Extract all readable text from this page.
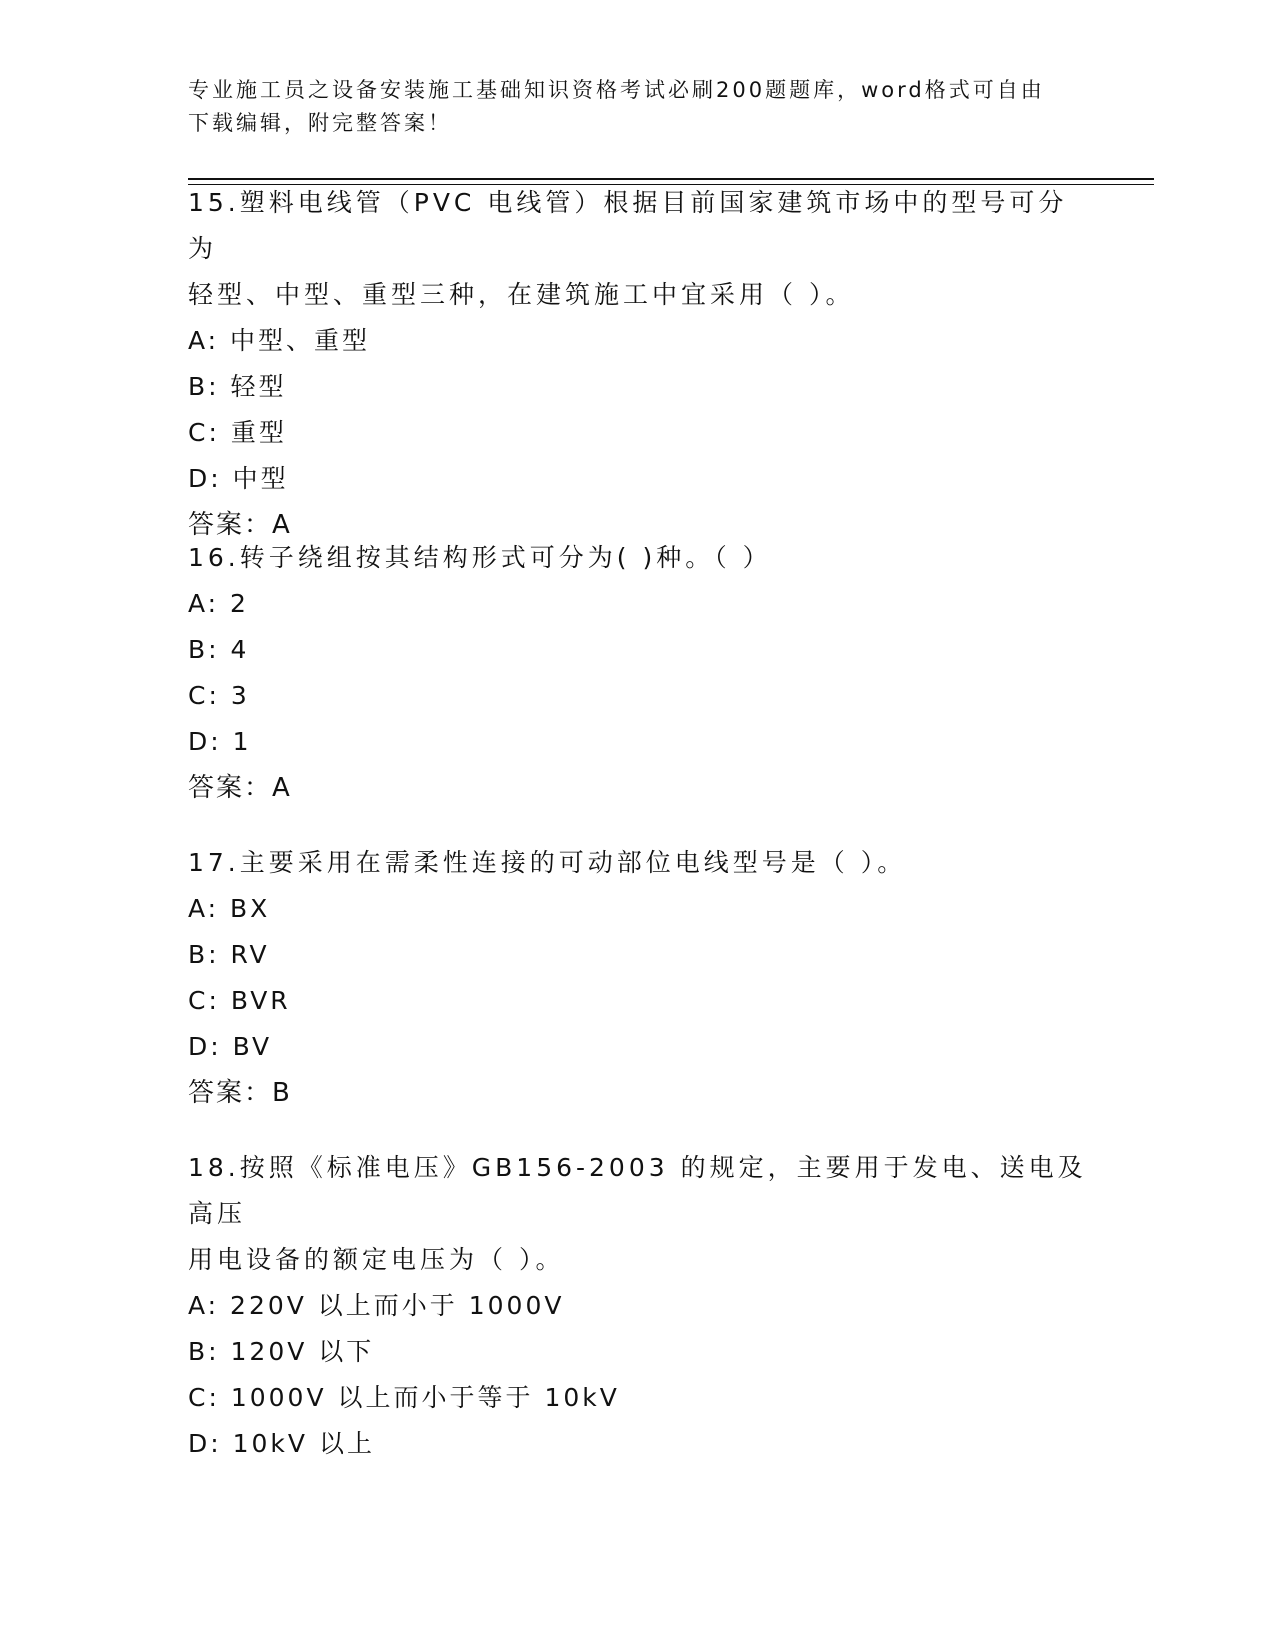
专业施工员之设备安装施工基础知识资格考试必刷200题题库，word格式可自由
下载编辑，附完整答案！

15.塑料电线管（PVC 电线管）根据目前国家建筑市场中的型号可分为

轻型、中型、重型三种，在建筑施工中宜采用（ ）。

A: 中型、重型

B: 轻型

C: 重型

D: 中型

答案：A

16.转子绕组按其结构形式可分为( )种。（ ）

A: 2

B: 4

C: 3

D: 1

答案：A

17.主要采用在需柔性连接的可动部位电线型号是（ ）。

A: BX

B: RV

C: BVR

D: BV

答案：B

18.按照《标准电压》GB156-2003 的规定，主要用于发电、送电及高压

用电设备的额定电压为（ ）。

A: 220V 以上而小于 1000V

B: 120V 以下

C: 1000V 以上而小于等于 10kV

D: 10kV 以上
